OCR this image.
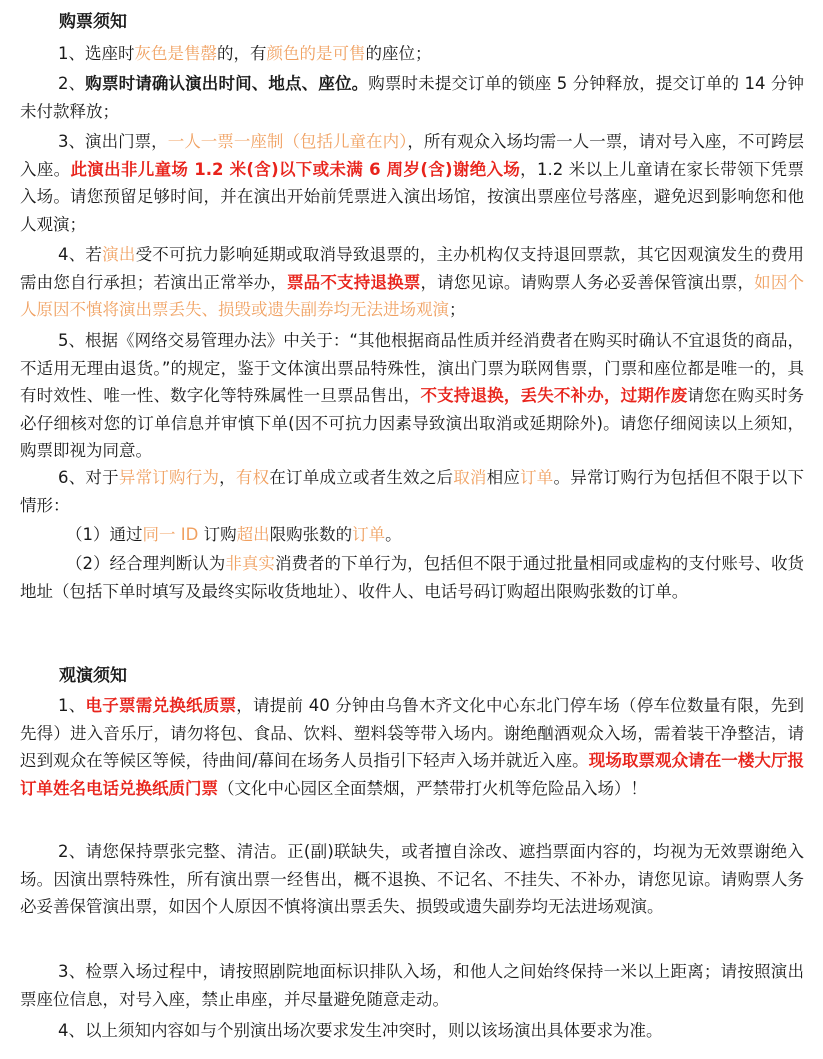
购票须知

1、选座时灰色是售罄的，有颜色的是可售的座位；

2、购票时请确认演出时间、地点、座位。购票时未提交订单的锁座 5 分钟释放，提交订单的 14 分钟未付款释放；

3、演出门票，一人一票一座制（包括儿童在内），所有观众入场均需一人一票，请对号入座，不可跨层入座。此演出非儿童场 1.2 米(含)以下或未满 6 周岁(含)谢绝入场，1.2 米以上儿童请在家长带领下凭票入场。请您预留足够时间，并在演出开始前凭票进入演出场馆，按演出票座位号落座，避免迟到影响您和他人观演；

4、若演出受不可抗力影响延期或取消导致退票的，主办机构仅支持退回票款，其它因观演发生的费用需由您自行承担；若演出正常举办，票品不支持退换票，请您见谅。请购票人务必妥善保管演出票，如因个人原因不慎将演出票丢失、损毁或遗失副券均无法进场观演；

5、根据《网络交易管理办法》中关于：“其他根据商品性质并经消费者在购买时确认不宜退货的商品，不适用无理由退货。”的规定，鉴于文体演出票品特殊性，演出门票为联网售票，门票和座位都是唯一的，具有时效性、唯一性、数字化等特殊属性一旦票品售出，不支持退换，丢失不补办，过期作废请您在购买时务必仔细核对您的订单信息并审慎下单(因不可抗力因素导致演出取消或延期除外)。请您仔细阅读以上须知，购票即视为同意。

6、对于异常订购行为，有权在订单成立或者生效之后取消相应订单。异常订购行为包括但不限于以下情形：

（1）通过同一 ID 订购超出限购张数的订单。

（2）经合理判断认为非真实消费者的下单行为，包括但不限于通过批量相同或虚构的支付账号、收货地址（包括下单时填写及最终实际收货地址）、收件人、电话号码订购超出限购张数的订单。

观演须知

1、电子票需兑换纸质票，请提前 40 分钟由乌鲁木齐文化中心东北门停车场（停车位数量有限，先到先得）进入音乐厅，请勿将包、食品、饮料、塑料袋等带入场内。谢绝酗酒观众入场，需着装干净整洁，请迟到观众在等候区等候，待曲间/幕间在场务人员指引下轻声入场并就近入座。现场取票观众请在一楼大厅报订单姓名电话兑换纸质门票（文化中心园区全面禁烟，严禁带打火机等危险品入场）！

2、请您保持票张完整、清洁。正(副)联缺失，或者擅自涂改、遮挡票面内容的，均视为无效票谢绝入场。因演出票特殊性，所有演出票一经售出，概不退换、不记名、不挂失、不补办，请您见谅。请购票人务必妥善保管演出票，如因个人原因不慎将演出票丢失、损毁或遗失副券均无法进场观演。

3、检票入场过程中，请按照剧院地面标识排队入场，和他人之间始终保持一米以上距离；请按照演出票座位信息，对号入座，禁止串座，并尽量避免随意走动。

4、以上须知内容如与个别演出场次要求发生冲突时，则以该场演出具体要求为准。
